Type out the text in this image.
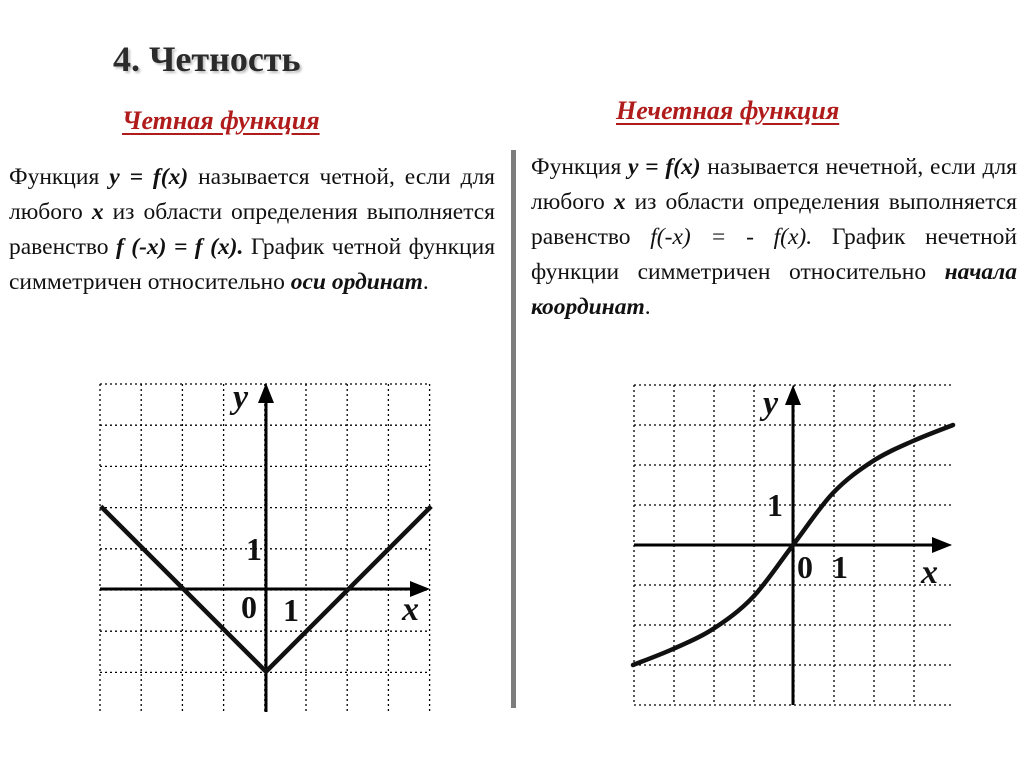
4. Четность
Четная функция	Нечетная функция
Функция у = f(x) называется четной, если для любого х из области определения выполняется равенство f (-x) = f (x). График четной функция симметричен относительно оси ординат.
Функция у = f(x) называется нечетной, если для любого х из области определения выполняется равенство f(-x) = - f(x). График нечетной функции симметричен относительно начала координат.
y
x
0 1
1
y
x
0 1
1
